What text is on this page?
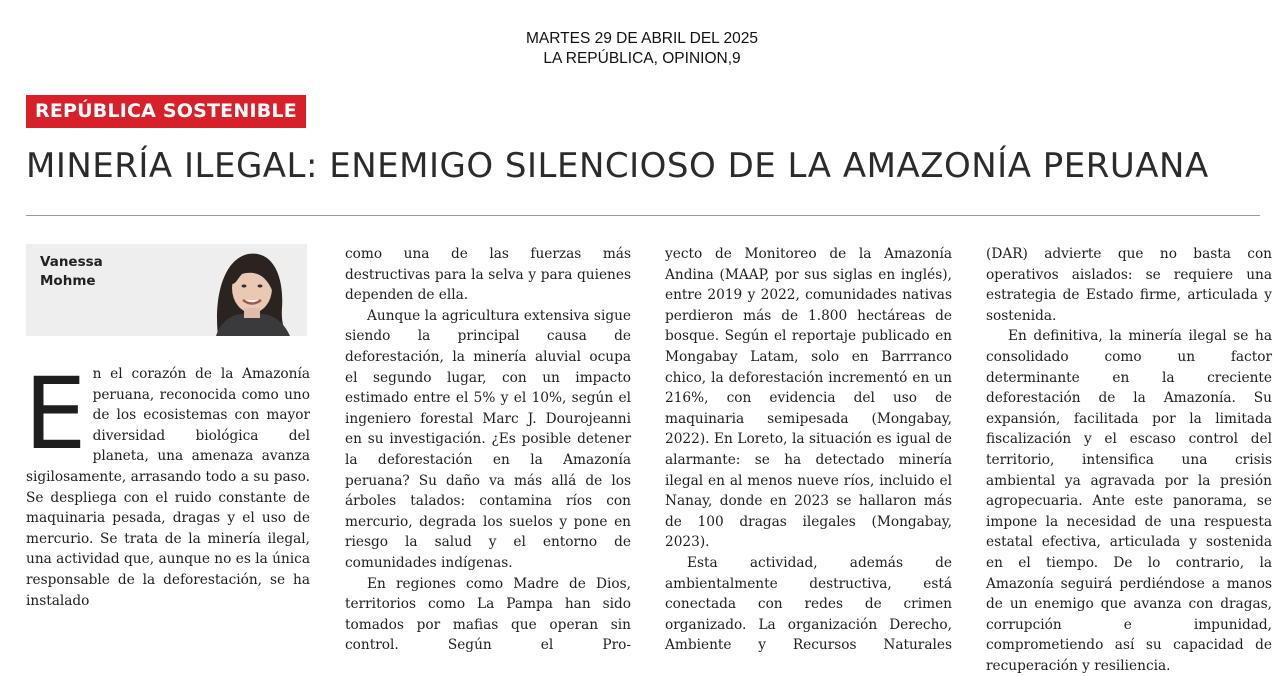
MARTES 29 DE ABRIL DEL 2025
LA REPÚBLICA, OPINION,9
REPÚBLICA SOSTENIBLE
MINERÍA ILEGAL: ENEMIGO SILENCIOSO DE LA AMAZONÍA PERUANA
Vanessa
Mohme
E n el corazón de la Amazonía peruana, reconocida como uno de los ecosistemas con mayor diversidad biológica del planeta, una amenaza avanza sigilosamente, arrasando todo a su paso. Se despliega con el ruido constante de maquinaria pesada, dragas y el uso de mercurio. Se trata de la minería ilegal, una actividad que, aunque no es la única responsable de la deforestación, se ha instalado

como una de las fuerzas más destructivas para la selva y para quienes dependen de ella.

Aunque la agricultura extensiva sigue siendo la principal causa de deforestación, la minería aluvial ocupa el segundo lugar, con un impacto estimado entre el 5% y el 10%, según el ingeniero forestal Marc J. Dourojeanni en su investigación. ¿Es posible detener la deforestación en la Amazonía peruana? Su daño va más allá de los árboles talados: contamina ríos con mercurio, degrada los suelos y pone en riesgo la salud y el entorno de comunidades indígenas.

En regiones como Madre de Dios, territorios como La Pampa han sido tomados por mafias que operan sin control. Según el Pro-

yecto de Monitoreo de la Amazonía Andina (MAAP, por sus siglas en inglés), entre 2019 y 2022, comunidades nativas perdieron más de 1.800 hectáreas de bosque. Según el reportaje publicado en Mongabay Latam, solo en Barrranco chico, la deforestación incrementó en un 216%, con evidencia del uso de maquinaria semipesada (Mongabay, 2022). En Loreto, la situación es igual de alarmante: se ha detectado minería ilegal en al menos nueve ríos, incluido el Nanay, donde en 2023 se hallaron más de 100 dragas ilegales (Mongabay, 2023).

Esta actividad, además de ambientalmente destructiva, está conectada con redes de crimen organizado. La organización Derecho, Ambiente y Recursos Naturales

(DAR) advierte que no basta con operativos aislados: se requiere una estrategia de Estado firme, articulada y sostenida.

En definitiva, la minería ilegal se ha consolidado como un factor determinante en la creciente deforestación de la Amazonía. Su expansión, facilitada por la limitada fiscalización y el escaso control del territorio, intensifica una crisis ambiental ya agravada por la presión agropecuaria. Ante este panorama, se impone la necesidad de una respuesta estatal efectiva, articulada y sostenida en el tiempo. De lo contrario, la Amazonía seguirá perdiéndose a manos de un enemigo que avanza con dragas, corrupción e impunidad, comprometiendo así su capacidad de recuperación y resiliencia.
